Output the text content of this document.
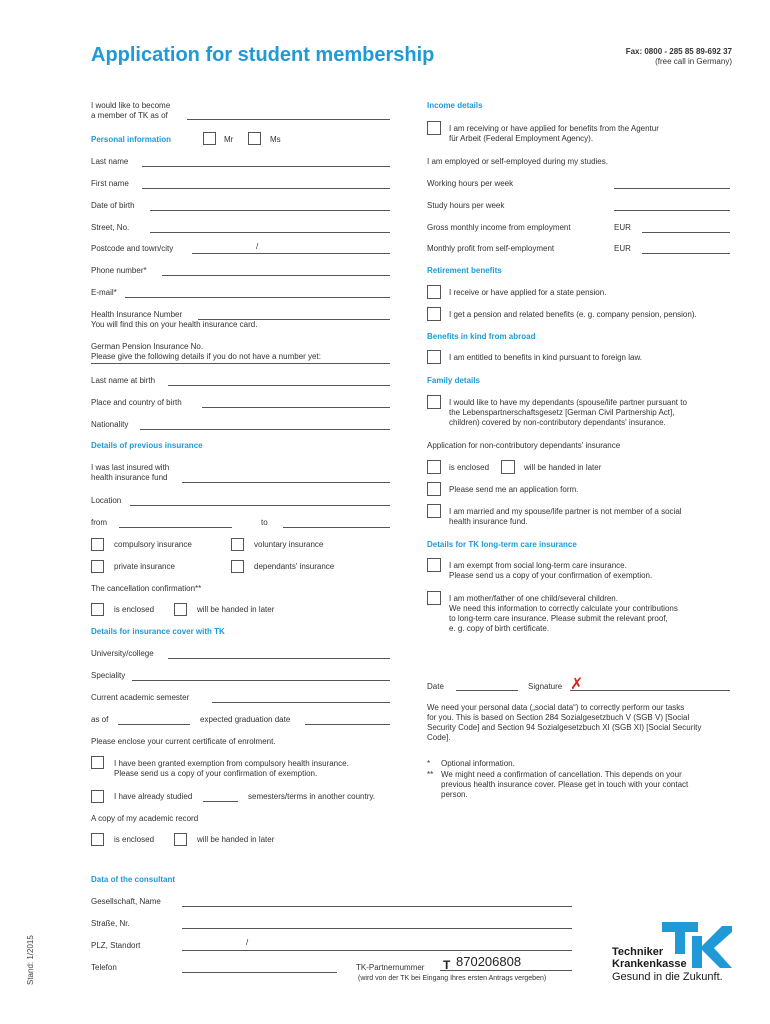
Application for student membership	Fax: 0800 - 285 85 89-692 37
(free call in Germany)
I would like to become
a member of TK as of
Personal information	Mr	Ms
Last name
First name
Date of birth
Street, No.
Postcode and town/city	/
Phone number*
E-mail*
Health Insurance Number
You will find this on your health insurance card.
German Pension Insurance No.
Please give the following details if you do not have a number yet:
Last name at birth
Place and country of birth
Nationality
Details of previous insurance
I was last insured with
health insurance fund
Location
from	to
compulsory insurance	voluntary insurance
private insurance	dependants' insurance
The cancellation confirmation**
is enclosed	will be handed in later
Details for insurance cover with TK
University/college
Speciality
Current academic semester
as of	expected graduation date
Please enclose your current certificate of enrolment.
I have been granted exemption from compulsory health insurance.
Please send us a copy of your confirmation of exemption.
I have already studied	semesters/terms in another country.
A copy of my academic record
is enclosed	will be handed in later
Income details
I am receiving or have applied for benefits from the Agentur
für Arbeit (Federal Employment Agency).
I am employed or self-employed during my studies.
Working hours per week
Study hours per week
Gross monthly income from employment	EUR
Monthly profit from self-employment	EUR
Retirement benefits
I receive or have applied for a state pension.
I get a pension and related benefits (e. g. company pension, pension).
Benefits in kind from abroad
I am entitled to benefits in kind pursuant to foreign law.
Family details
I would like to have my dependants (spouse/life partner pursuant to
the Lebenspartnerschaftsgesetz [German Civil Partnership Act],
children) covered by non-contributory dependants' insurance.
Application for non-contributory dependants' insurance
is enclosed	will be handed in later
Please send me an application form.
I am married and my spouse/life partner is not member of a social
health insurance fund.
Details for TK long-term care insurance
I am exempt from social long-term care insurance.
Please send us a copy of your confirmation of exemption.
I am mother/father of one child/several children.
We need this information to correctly calculate your contributions
to long-term care insurance. Please submit the relevant proof,
e. g. copy of birth certificate.
Date	Signature ✗
We need your personal data („social data“) to correctly perform our tasks
for you. This is based on Section 284 Sozialgesetzbuch V (SGB V) [Social
Security Code] and Section 94 Sozialgesetzbuch XI (SGB XI) [Social Security
Code].
* Optional information.
** We might need a confirmation of cancellation. This depends on your
previous health insurance cover. Please get in touch with your contact
person.
Data of the consultant
Gesellschaft, Name
Straße, Nr.
PLZ, Standort	/
Telefon	TK-Partnernummer T 870206808
(wird von der TK bei Eingang Ihres ersten Antrags vergeben)
Stand: 1/2015	Techniker
Krankenkasse
Gesund in die Zukunft.
